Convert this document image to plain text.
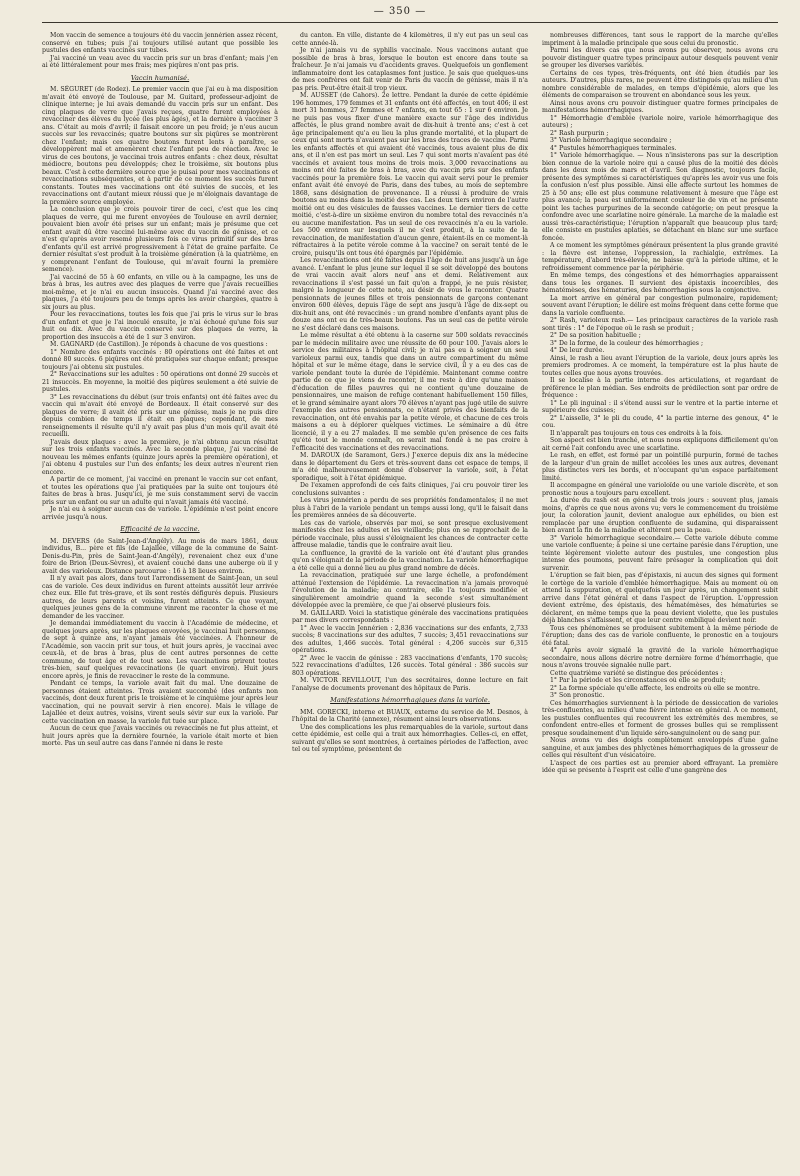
— 350 —

Mon vaccin de semence a toujours été du vaccin jennérien assez récent, conservé en tubes; puis j'ai toujours utilisé autant que possible les pustules des enfants vaccinés sur tubes.

J'ai vacciné un veau avec du vaccin pris sur un bras d'enfant; mais j'en ai été littéralement pour mes frais; mes piqûres n'ont pas pris.

Vaccin humanisé.

M. SÉGURET (de Rodez). Le premier vaccin que j'ai eu à ma disposition m'avait été envoyé de Toulouse, par M. Guitard, professeur-adjoint de clinique interne; je lui avais demandé du vaccin pris sur un enfant. Des cinq plaques de verre que j'avais reçues, quatre furent employées à revacciner des élèves du lycée (les plus âgés), et la dernière à vacciner 3 ans. C'était au mois d'avril; il faisait encore un peu froid; je n'eus aucun succès sur les revaccinés; quatre boutons sur six piqûres se montrèrent chez l'enfant; mais ces quatre boutons furent lents à paraître, se développèrent mal et amenèrent chez l'enfant peu de réaction. Avec le virus de ces boutons, je vaccinai trois autres enfants : chez deux, résultat médiocre, boutons peu développés; chez le troisième, six boutons plus beaux. C'est à cette dernière source que je puisai pour mes vaccinations et revaccinations subséquentes, et à partir de ce moment les succès furent constants. Toutes mes vaccinations ont été suivies de succès, et les revaccinations ont d'autant mieux réussi que je m'éloignais davantage de la première source employée.

La conclusion que je crois pouvoir tirer de ceci, c'est que les cinq plaques de verre, qui me furent envoyées de Toulouse en avril dernier, pouvaient bien avoir été prises sur un enfant; mais je présume que cet enfant avait dû être vacciné lui-même avec du vaccin de génisse, et ce n'est qu'après avoir resemé plusieurs fois ce virus primitif sur des bras d'enfants qu'il est arrivé progressivement à l'état de graine parfaite. Ce dernier résultat s'est produit à la troisième génération (à la quatrième, en y comprenant l'enfant de Toulouse, qui m'avait fourni la première semence).

J'ai vacciné de 55 à 60 enfants, en ville ou à la campagne, les uns de bras à bras, les autres avec des plaques de verre que j'avais recueillies moi-même, et je n'ai eu aucun insuccès. Quand j'ai vacciné avec des plaques, j'a été toujours peu de temps après les avoir chargées, quatre à six jours au plus.

Pour les revaccinations, toutes les fois que j'ai pris le virus sur le bras d'un enfant et que je l'ai inoculé ensuite, je n'ai échoué qu'une fois sur huit ou dix. Avec du vaccin conservé sur des plaques de verre, la proportion des insuccès a été de 1 sur 3 environ.

M. GAGNARD (de Castillon). Je réponds à chacune de vos questions :

1° Nombre des enfants vaccinés : 80 opérations ont été faites et ont donné 80 succès. 6 piqûres ont été pratiquées sur chaque enfant; presque toujours j'ai obtenu six pustules.

2° Revaccinations sur les adultes : 50 opérations ont donné 29 succès et 21 insuccès. En moyenne, la moitié des piqûres seulement a été suivie de pustules.

3° Les revaccinations du début (sur trois enfants) ont été faites avec du vaccin qui m'avait été envoyé de Bordeaux. Il était conservé sur des plaques de verre; il avait été pris sur une génisse, mais je ne puis dire depuis combien de temps il était en plaques; cependant, de mes renseignements il résulte qu'il n'y avait pas plus d'un mois qu'il avait été recueilli.

J'avais deux plaques : avec la première, je n'ai obtenu aucun résultat sur les trois enfants vaccinés. Avec la seconde plaque, j'ai vacciné de nouveau les mêmes enfants (quinze jours après la première opération), et j'ai obtenu 4 pustules sur l'un des enfants; les deux autres n'eurent rien encore.

A partir de ce moment, j'ai vacciné en prenant le vaccin sur cet enfant, et toutes les opérations que j'ai pratiquées par la suite ont toujours été faites de bras à bras. Jusqu'ici, je me suis constamment servi de vaccin pris sur un enfant ou sur un adulte qui n'avait jamais été vacciné.

Je n'ai eu à soigner aucun cas de variole. L'épidémie n'est point encore arrivée jusqu'à nous.

Efficacité de la vaccine.

M. DEVERS (de Saint-Jean-d'Angély). Au mois de mars 1861, deux individus, B... père et fils (de Lajallée, village de la commune de Saint-Denis-du-Pin, près de Saint-Jean-d'Angély), revenaient chez eux d'une foire de Brion (Deux-Sèvres), et avaient couché dans une auberge où il y avait des varioleux. Distance parcourue : 16 à 18 lieues environ.

Il n'y avait pas alors, dans tout l'arrondissement de Saint-Jean, un seul cas de variole. Ces deux individus en furent atteints aussitôt leur arrivée chez eux. Elle fut très-grave, et ils sont restés défigurés depuis. Plusieurs autres, de leurs parents et voisins, furent atteints. Ce que voyant, quelques jeunes gens de la commune vinrent me raconter la chose et me demander de les vacciner.

Je demandai immédiatement du vaccin à l'Académie de médecine, et quelques jours après, sur les plaques envoyées, je vaccinai huit personnes, de sept à quinze ans, n'ayant jamais été vaccinées. A l'honneur de l'Académie, son vaccin prit sur tous, et huit jours après, je vaccinai avec ceux-là, et de bras à bras, plus de cent autres personnes de cette commune, de tout âge et de tout sexe. Les vaccinations prirent toutes très-bien, sauf quelques revaccinations (le quart environ). Huit jours encore après, je finis de revacciner le reste de la commune.

Pendant ce temps, la variole avait fait du mal. Une douzaine de personnes étaient atteintes. Trois avaient succombé (des enfants non vaccinés, dont deux furent pris le troisième et le cinquième jour après leur vaccination, qui ne pouvait servir à rien encore). Mais le village de Lajallée et deux autres, voisins, virent seuls sévir sur eux la variole. Par cette vaccination en masse, la variole fut tuée sur place.

Aucun de ceux que j'avais vaccinés ou revaccinés ne fut plus atteint, et huit jours après que la dernière fournée, la variole était morte et bien morte. Pas un seul autre cas dans l'année ni dans le reste

du canton. En ville, distante de 4 kilomètres, il n'y eut pas un seul cas cette année-là.

Je n'ai jamais vu de syphilis vaccinale. Nous vaccinons autant que possible de bras à bras, lorsque le bouton est encore dans toute sa fraîcheur. Je n'ai jamais vu d'accidents graves. Quelquefois un gonflement inflammatoire dont les cataplasmes font justice. Je sais que quelques-uns de mes confrères ont fait venir de Paris du vaccin de génisse, mais il n'a pas pris. Peut-être était-il trop vieux.

M. AUSSET (de Cahors). 2e lettre. Pendant la durée de cette épidémie 196 hommes, 179 femmes et 31 enfants ont été affectés, en tout 406; il est mort 31 hommes, 27 femmes et 7 enfants, en tout 65 : 1 sur 6 environ. Je ne puis pas vous fixer d'une manière exacte sur l'âge des individus affectés, le plus grand nombre avait de dix-huit à trente ans; c'est à cet âge principalement qu'a eu lieu la plus grande mortalité, et la plupart de ceux qui sont morts n'avaient pas sur les bras des traces de vaccine. Parmi les enfants affectés et qui avaient été vaccinés, tous avaient plus de dix ans, et il n'en est pas mort un seul. Les 7 qui sont morts n'avaient pas été vaccinés et avaient tous moins de trois mois. 3,000 revaccinations au moins ont été faites de bras à bras, avec du vaccin pris sur des enfants vaccinés pour la première fois. Le vaccin qui avait servi pour le premier enfant avait été envoyé de Paris, dans des tubes, au mois de septembre 1868, sans désignation de provenance. Il a réussi à produire de vrais boutons au moins dans la moitié des cas. Les deux tiers environ de l'autre moitié ont eu des vésicules de fausses vaccines. Le dernier tiers de cette moitié, c'est-à-dire un sixième environ du nombre total des revaccinés n'a eu aucune manifestation. Pas un seul de ces revaccinés n'a eu la variole. Les 500 environ sur lesquels il ne s'est produit, à la suite de la revaccination, de manifestation d'aucun genre, étaient-ils en ce moment-là réfractaires à la petite vérole comme à la vaccine? on serait tenté de le croire, puisqu'ils ont tous été épargnés par l'épidémie.

Les revaccinations ont été faites depuis l'âge de huit ans jusqu'à un âge avancé. L'enfant le plus jeune sur lequel il se soit développé des boutons de vrai vaccin avait alors neuf ans et demi. Relativement aux revaccinations il s'est passé un fait qu'on a frappé, je ne puis résister, malgré la longueur de cette note, au désir de vous le raconter. Quatre pensionnats de jeunes filles et trois pensionnats de garçons contenant environ 600 élèves, depuis l'âge de sept ans jusqu'à l'âge de dix-sept ou dix-huit ans, ont été revaccinés : un grand nombre d'enfants ayant plus de douze ans ont eu de très-beaux boutons. Pas un seul cas de petite vérole ne s'est déclaré dans ces maisons.

Le même résultat a été obtenu à la caserne sur 500 soldats revaccinés par le médecin militaire avec une réussite de 60 pour 100. J'avais alors le service des militaires à l'hôpital civil; je n'ai pas eu à soigner un seul varioleux parmi eux, tandis que dans un autre compartiment du même hôpital et sur le même étage, dans le service civil, il y a eu des cas de variole pendant toute la durée de l'épidémie. Maintenant comme contre partie de ce que je viens de raconter, il me reste à dire qu'une maison d'éducation de filles pauvres qui ne contient qu'une douzaine de pensionnaires, une maison de refuge contenant habituellement 150 filles, et le grand séminaire ayant alors 70 élèves n'ayant pas jugé utile de suivre l'exemple des autres pensionnats, ce n'étant privés des bienfaits de la revaccination, ont été envahis par la petite vérole, et chacune de ces trois maisons a eu à déplorer quelques victimes. Le séminaire a dû être licencié, il y a eu 27 malades. Il me semble qu'en présence de ces faits qu'été tout le monde connaît, on serait mal fondé à ne pas croire à l'efficacité des vaccinations et des revaccinations.

M. DAROUX (de Saramont, Gers.) J'exerce depuis dix ans la médecine dans le département du Gers et très-souvent dans cet espace de temps, il m'a été malheureusement donné d'observer la variole, soit, à l'état sporadique, soit à l'état épidémique.

De l'examen approfondi de ces faits cliniques, j'ai cru pouvoir tirer les conclusions suivantes :

Les virus jennérien a perdu de ses propriétés fondamentales; il ne met plus à l'abri de la variole pendant un temps aussi long, qu'il le faisait dans les premières années de sa découverte.

Les cas de variole, observés par moi, se sont presque exclusivement manifestés chez les adultes et les vieillards; plus on se rapprochait de la période vaccinale, plus aussi s'éloignaient les chances de contracter cette affreuse maladie, tandis que le contraire avait lieu.

La confluence, la gravité de la variole ont été d'autant plus grandes qu'on s'éloignait de la période de la vaccination. La variole hémorrhagique a été celle qui a donné lieu au plus grand nombre de décès.

La revaccination, pratiquée sur une large échelle, a profondément atténué l'extension de l'épidémie. La revaccination n'a jamais provoqué l'évolution de la maladie; au contraire, elle l'a toujours modifiée et singulièrement amoindrie quand la seconde s'est simultanément développée avec la première, ce que j'ai observé plusieurs fois.

M. GAILLARD. Voici la statistique générale des vaccinations pratiquées par mes divers correspondants :

1° Avec le vaccin Jennérien : 2,836 vaccinations sur des enfants, 2,733 succès; 8 vaccinations sur des adultes, 7 succès; 3,451 revaccinations sur des adultes, 1,466 succès. Total général : 4,206 succès sur 6,315 opérations.

2° Avec le vaccin de génisse : 283 vaccinations d'enfants, 170 succès; 522 revaccinations d'adultes, 126 succès. Total général : 386 succès sur 803 opérations.

M. VICTOR REVILLOUT, l'un des secrétaires, donne lecture en fait l'analyse de documents provenant des hôpitaux de Paris.

Manifestations hémorrhagiques dans la variole.

MM. GORECKI, interne et BUAUX, externe du service de M. Desnos, à l'hôpital de la Charité (annexe), résument ainsi leurs observations.

Une des complications les plus remarquables de la variole, surtout dans cette épidémie, est celle qui a trait aux hémorrhagies. Celles-ci, en effet, suivant qu'elles se sont montrées, à certaines périodes de l'affection, avec tel ou tel symptôme, présentent de

nombreuses différences, tant sous le rapport de la marche qu'elles impriment à la maladie principale que sous celui du pronostic.

Parmi les divers cas que nous avons pu observer, nous avons cru pouvoir distinguer quatre types principaux autour desquels peuvent venir se grouper les diverses variétés.

Certains de ces types, très-fréquents, ont été bien étudiés par les auteurs. D'autres, plus rares, ne peuvent être distingués qu'au milieu d'un nombre considérable de malades, en temps d'épidémie, alors que les éléments de comparaison se trouvent en abondance sous les yeux.

Ainsi nous avons cru pouvoir distinguer quatre formes principales de manifestations hémorrhagiques.

1° Hémorrhagie d'emblée (variole noire, variole hémorrhagique des auteurs) ;

2° Rash purpurin ;

3° Variole hémorrhagique secondaire ;

4° Pustules hémorrhagiques terminales.

1° Variole hémorrhagique. — Nous n'insisterons pas sur la description bien connue de la variole noire qui a causé plus de la moitié des décès dans les deux mois de mars et d'avril. Son diagnostic, toujours facile, présente des symptômes si caractéristiques qu'après les avoir vus une fois la confusion n'est plus possible. Ainsi elle affecte surtout les hommes de 25 à 50 ans; elle est plus commune relativement à mesure que l'âge est plus avancé; la peau est uniformément couleur lie de vin et ne présente point les taches purpurines de la seconde catégorie; on peut presque la confondre avec une scarlatine noire générale. La marche de la maladie est aussi très-caractéristique; l'éruption n'apparaît que beaucoup plus tard; elle consiste en pustules aplaties, se détachant en blanc sur une surface foncée.

A ce moment les symptômes généraux présentent la plus grande gravité : la fièvre est intense, l'oppression, la rachialgie, extrêmes. La température, d'abord très-élevée, ne baisse qu'à la période ultime, et le refroidissement commence par la périphérie.

En même temps, des congestions et des hémorrhagies apparaissent dans tous les organes. Il survient des épistaxis incoercibles, des hématémèses, des hématuries, des hémorrhagies sous la conjonctive.

La mort arrive en général par congestion pulmonaire, rapidement; souvent avant l'éruption; le délire est moins fréquent dans cette forme que dans la variole confluente.

2° Rash, varioleux rash.— Les principaux caractères de la variole rash sont tirés : 1° de l'époque où le rash se produit ;

2° De sa position habituelle ;

3° De la forme, de la couleur des hémorrhagies ;

4° De leur durée.

Ainsi, le rash a lieu avant l'éruption de la variole, deux jours après les premiers prodromes. A ce moment, la température est la plus haute de toutes celles que nous ayons trouvées.

Il se localise à la partie interne des articulations, et regardant de préférence le plan médian. Ses endroits de prédilection sont par ordre de fréquence :

1° Le pli inguinal : il s'étend aussi sur le ventre et la partie interne et supérieure des cuisses;

2° L'aisselle, 3° le pli du coude, 4° la partie interne des genoux, 4° le cou.

Il n'apparaît pas toujours en tous ces endroits à la fois.

Son aspect est bien tranché, et nous nous expliquons difficilement qu'on ait cerné l'ait confondu avec une scarlatine.

Le rash, en effet, est formé par un pointillé purpurin, formé de taches de la largeur d'un grain de millet accolées les unes aux autres, devenant plus distinctes vers les bords, et n'occupant qu'un espace parfaitement limité.

Il accompagne en général une varioloïde ou une variole discrète, et son pronostic nous a toujours paru excellent.

La durée du rash est en général de trois jours : souvent plus, jamais moins, d'après ce que nous avons vu; vers le commencement du troisième jour, la coloration jaunit, devient analogue aux ephélides, ou bien est remplacée par une éruption confluente de sudamina, qui disparaissent bien avant la fin de la maladie et altèrent peu la peau.

3° Variole hémorrhagique secondaire.— Cette variole débute comme une variole confluente; à peine si une certaine parésie dans l'éruption, une teinte légèrement violette autour des pustules, une congestion plus intense des poumons, peuvent faire présager la complication qui doit survenir.

L'éruption se fait bien, pas d'épistaxis, ni aucun des signes qui forment le cortège de la variole d'emblée hémorrhagique. Mais au moment où on attend la suppuration, et quelquefois un jour après, un changement subit arrive dans l'état général et dans l'aspect de l'éruption. L'oppression devient extrême, des épistaxis, des hématémèses, des hématuries se déclarent, en même temps que la peau devient violette, que les pustules déjà blanches s'affaissent, et que leur centre ombiliqué devient noir.

Tous ces phénomènes se produisent subitement à la même période de l'éruption; dans des cas de variole confluente, le pronostic en a toujours été fatal.

4° Après avoir signalé la gravité de la variole hémorrhagique secondaire, nous allons décrire notre dernière forme d'hémorrhagie, que nous n'avons trouvée signalée nulle part.

Cette quatrième variété se distingue des précédentes :

1° Par la période et les circonstances où elle se produit;

2° La forme spéciale qu'elle affecte, les endroits où elle se montre.

3° Son pronostic.

Ces hémorrhagies surviennent à la période de dessiccation de varioles très-confluentes, au milieu d'une fièvre intense en général. A ce moment, les pustules confluentes qui recouvrent les extrémités des membres, se confondent entre-elles et forment de grosses bulles qui se remplissent presque soudainement d'un liquide séro-sanguinolent ou de sang pur.

Nous avons vu des doigts complètement enveloppés d'une gaîne sanguine, et aux jambes des phlyctènes hémorrhagiques de la grosseur de celles qui résultent d'un vésicatoire.

L'aspect de ces parties est au premier abord effrayant. La première idée qui se présente à l'esprit est celle d'une gangrène des
